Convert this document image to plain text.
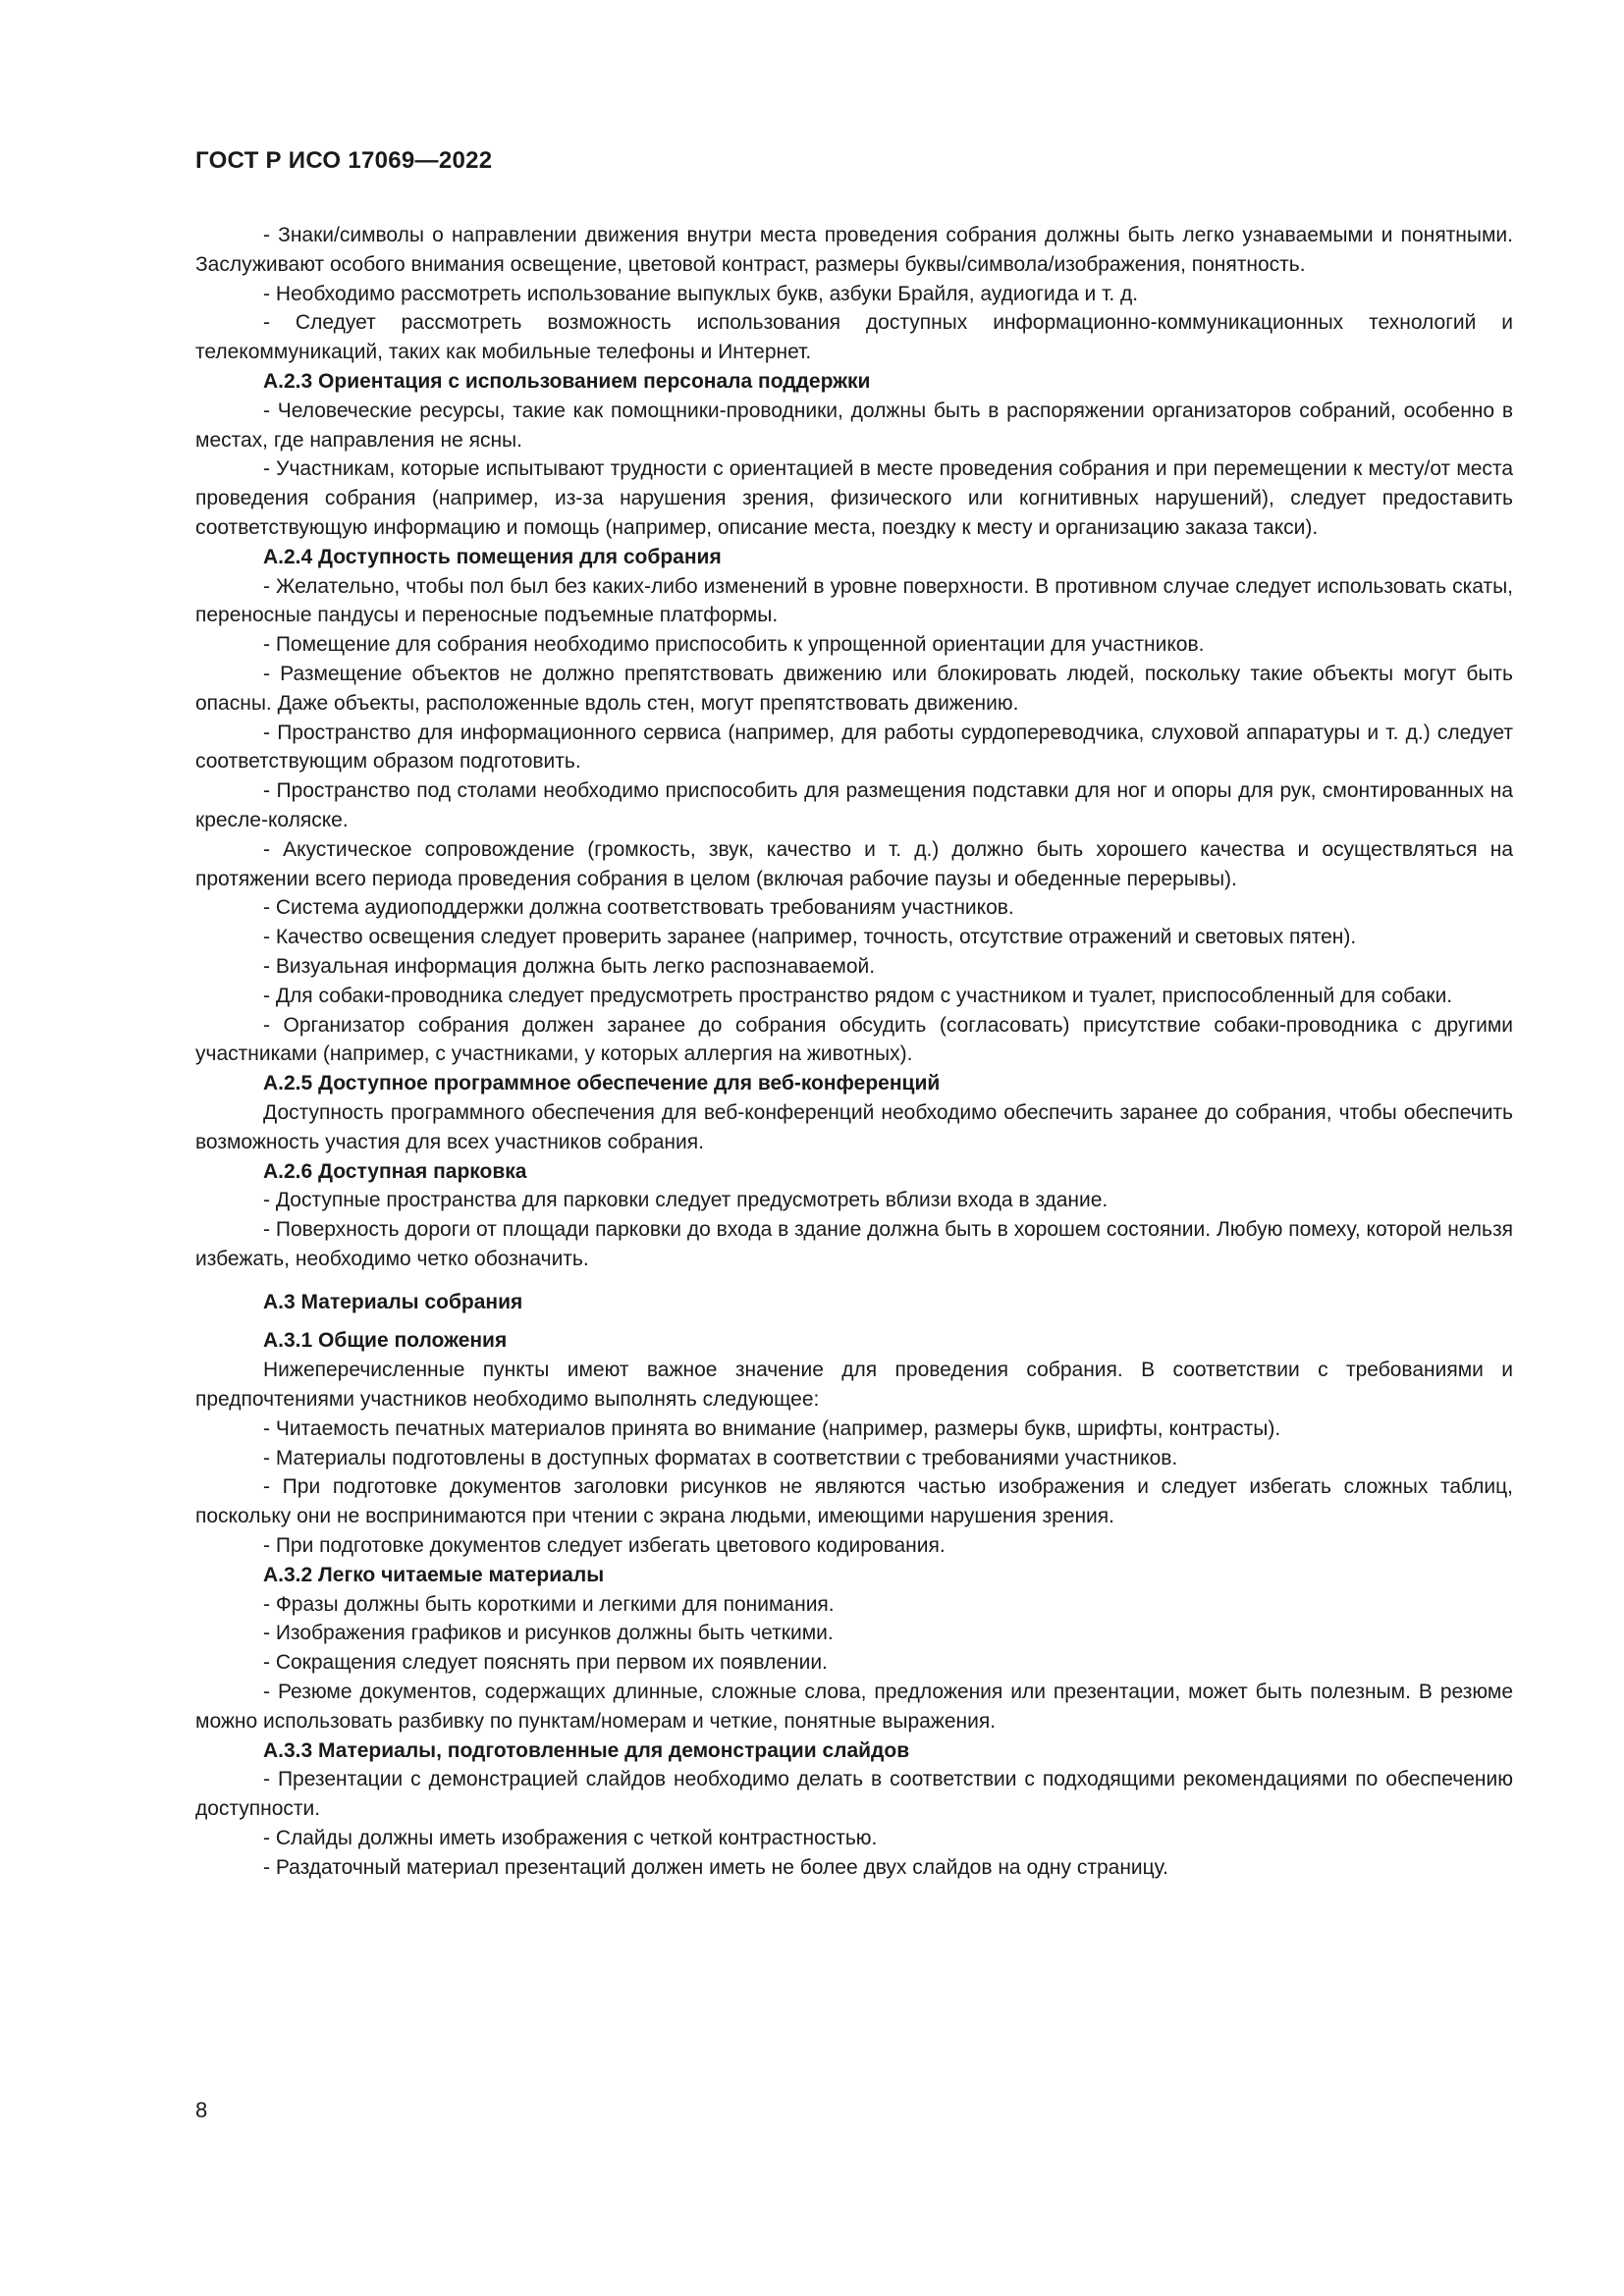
ГОСТ Р ИСО 17069—2022

- Знаки/символы о направлении движения внутри места проведения собрания должны быть легко узнаваемыми и понятными. Заслуживают особого внимания освещение, цветовой контраст, размеры буквы/символа/изображения, понятность.

- Необходимо рассмотреть использование выпуклых букв, азбуки Брайля, аудиогида и т. д.

- Следует рассмотреть возможность использования доступных информационно-коммуникационных технологий и телекоммуникаций, таких как мобильные телефоны и Интернет.

А.2.3 Ориентация с использованием персонала поддержки

- Человеческие ресурсы, такие как помощники-проводники, должны быть в распоряжении организаторов собраний, особенно в местах, где направления не ясны.

- Участникам, которые испытывают трудности с ориентацией в месте проведения собрания и при перемещении к месту/от места проведения собрания (например, из-за нарушения зрения, физического или когнитивных нарушений), следует предоставить соответствующую информацию и помощь (например, описание места, поездку к месту и организацию заказа такси).

А.2.4 Доступность помещения для собрания

- Желательно, чтобы пол был без каких-либо изменений в уровне поверхности. В противном случае следует использовать скаты, переносные пандусы и переносные подъемные платформы.

- Помещение для собрания необходимо приспособить к упрощенной ориентации для участников.

- Размещение объектов не должно препятствовать движению или блокировать людей, поскольку такие объекты могут быть опасны. Даже объекты, расположенные вдоль стен, могут препятствовать движению.

- Пространство для информационного сервиса (например, для работы сурдопереводчика, слуховой аппаратуры и т. д.) следует соответствующим образом подготовить.

- Пространство под столами необходимо приспособить для размещения подставки для ног и опоры для рук, смонтированных на кресле-коляске.

- Акустическое сопровождение (громкость, звук, качество и т. д.) должно быть хорошего качества и осуществляться на протяжении всего периода проведения собрания в целом (включая рабочие паузы и обеденные перерывы).

- Система аудиоподдержки должна соответствовать требованиям участников.

- Качество освещения следует проверить заранее (например, точность, отсутствие отражений и световых пятен).

- Визуальная информация должна быть легко распознаваемой.

- Для собаки-проводника следует предусмотреть пространство рядом с участником и туалет, приспособленный для собаки.

- Организатор собрания должен заранее до собрания обсудить (согласовать) присутствие собаки-проводника с другими участниками (например, с участниками, у которых аллергия на животных).

А.2.5 Доступное программное обеспечение для веб-конференций

Доступность программного обеспечения для веб-конференций необходимо обеспечить заранее до собрания, чтобы обеспечить возможность участия для всех участников собрания.

А.2.6 Доступная парковка

- Доступные пространства для парковки следует предусмотреть вблизи входа в здание.

- Поверхность дороги от площади парковки до входа в здание должна быть в хорошем состоянии. Любую помеху, которой нельзя избежать, необходимо четко обозначить.

А.3 Материалы собрания

А.3.1 Общие положения

Нижеперечисленные пункты имеют важное значение для проведения собрания. В соответствии с требованиями и предпочтениями участников необходимо выполнять следующее:

- Читаемость печатных материалов принята во внимание (например, размеры букв, шрифты, контрасты).

- Материалы подготовлены в доступных форматах в соответствии с требованиями участников.

- При подготовке документов заголовки рисунков не являются частью изображения и следует избегать сложных таблиц, поскольку они не воспринимаются при чтении с экрана людьми, имеющими нарушения зрения.

- При подготовке документов следует избегать цветового кодирования.

А.3.2 Легко читаемые материалы

- Фразы должны быть короткими и легкими для понимания.

- Изображения графиков и рисунков должны быть четкими.

- Сокращения следует пояснять при первом их появлении.

- Резюме документов, содержащих длинные, сложные слова, предложения или презентации, может быть полезным. В резюме можно использовать разбивку по пунктам/номерам и четкие, понятные выражения.

А.3.3 Материалы, подготовленные для демонстрации слайдов

- Презентации с демонстрацией слайдов необходимо делать в соответствии с подходящими рекомендациями по обеспечению доступности.

- Слайды должны иметь изображения с четкой контрастностью.

- Раздаточный материал презентаций должен иметь не более двух слайдов на одну страницу.

8
